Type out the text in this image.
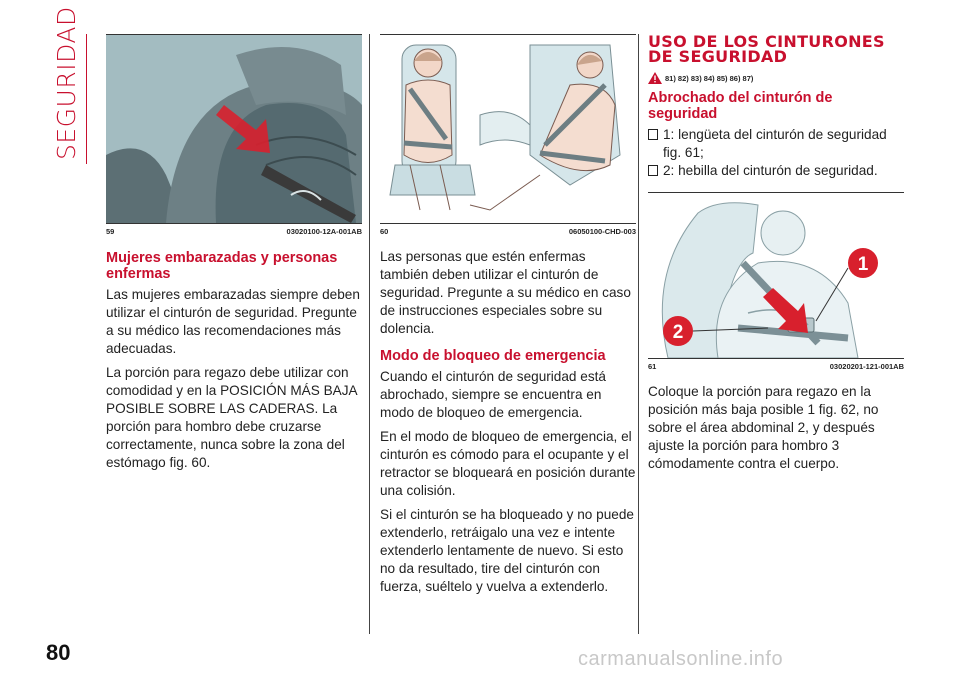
SEGURIDAD
59	03020100-12A-001AB
Mujeres embarazadas y personas enfermas

Las mujeres embarazadas siempre deben utilizar el cinturón de seguridad. Pregunte a su médico las recomendaciones más adecuadas.

La porción para regazo debe utilizar con comodidad y en la POSICIÓN MÁS BAJA POSIBLE SOBRE LAS CADERAS. La porción para hombro debe cruzarse correctamente, nunca sobre la zona del estómago fig. 60.

60	06050100-CHD-003

Las personas que estén enfermas también deben utilizar el cinturón de seguridad. Pregunte a su médico en caso de instrucciones especiales sobre su dolencia.

Modo de bloqueo de emergencia

Cuando el cinturón de seguridad está abrochado, siempre se encuentra en modo de bloqueo de emergencia.

En el modo de bloqueo de emergencia, el cinturón es cómodo para el ocupante y el retractor se bloqueará en posición durante una colisión.

Si el cinturón se ha bloqueado y no puede extenderlo, retráigalo una vez e intente extenderlo lentamente de nuevo. Si esto no da resultado, tire del cinturón con fuerza, suéltelo y vuelva a extenderlo.

USO DE LOS CINTURONES DE SEGURIDAD
81) 82) 83) 84) 85) 86) 87)
Abrochado del cinturón de seguridad
1: lengüeta del cinturón de seguridad fig. 61;
2: hebilla del cinturón de seguridad.
1
2
61	03020201-121-001AB

Coloque la porción para regazo en la posición más baja posible 1 fig. 62, no sobre el área abdominal 2, y después ajuste la porción para hombro 3 cómodamente contra el cuerpo.

80	carmanualsonline.info
